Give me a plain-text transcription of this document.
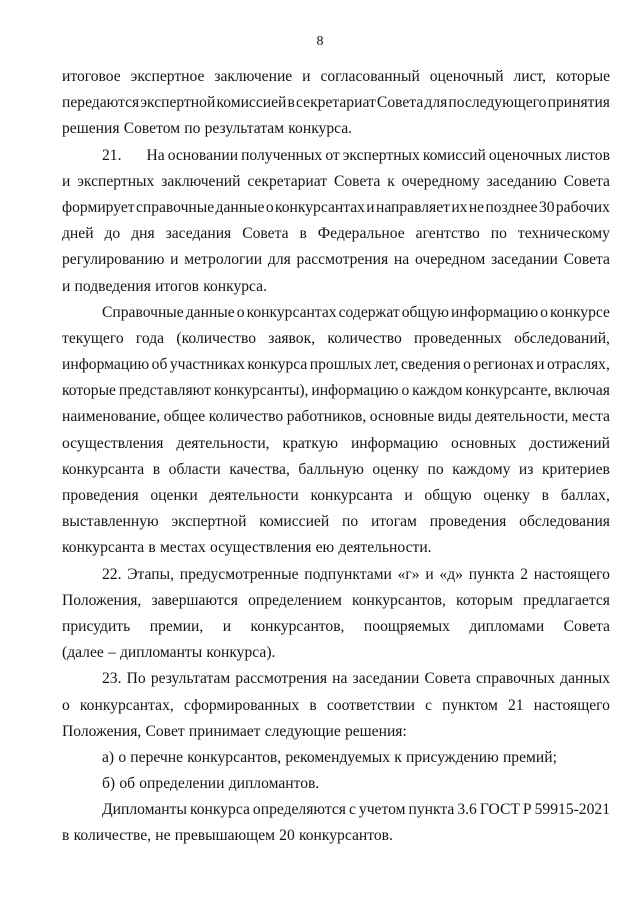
8
итоговое экспертное заключение и согласованный оценочный лист, которые
передаются экспертной комиссией в секретариат Совета для последующего принятия
решения Советом по результатам конкурса.
21. На основании полученных от экспертных комиссий оценочных листов
и экспертных заключений секретариат Совета к очередному заседанию Совета
формирует справочные данные о конкурсантах и направляет их не позднее 30 рабочих
дней до дня заседания Совета в Федеральное агентство по техническому
регулированию и метрологии для рассмотрения на очередном заседании Совета
и подведения итогов конкурса.
Справочные данные о конкурсантах содержат общую информацию о конкурсе
текущего года (количество заявок, количество проведенных обследований,
информацию об участниках конкурса прошлых лет, сведения о регионах и отраслях,
которые представляют конкурсанты), информацию о каждом конкурсанте, включая
наименование, общее количество работников, основные виды деятельности, места
осуществления деятельности, краткую информацию основных достижений
конкурсанта в области качества, балльную оценку по каждому из критериев
проведения оценки деятельности конкурсанта и общую оценку в баллах,
выставленную экспертной комиссией по итогам проведения обследования
конкурсанта в местах осуществления ею деятельности.
22. Этапы, предусмотренные подпунктами «г» и «д» пункта 2 настоящего
Положения, завершаются определением конкурсантов, которым предлагается
присудить премии, и конкурсантов, поощряемых дипломами Совета
(далее – дипломанты конкурса).
23. По результатам рассмотрения на заседании Совета справочных данных
о конкурсантах, сформированных в соответствии с пунктом 21 настоящего
Положения, Совет принимает следующие решения:
а) о перечне конкурсантов, рекомендуемых к присуждению премий;
б) об определении дипломантов.
Дипломанты конкурса определяются с учетом пункта 3.6 ГОСТ Р 59915-2021
в количестве, не превышающем 20 конкурсантов.
